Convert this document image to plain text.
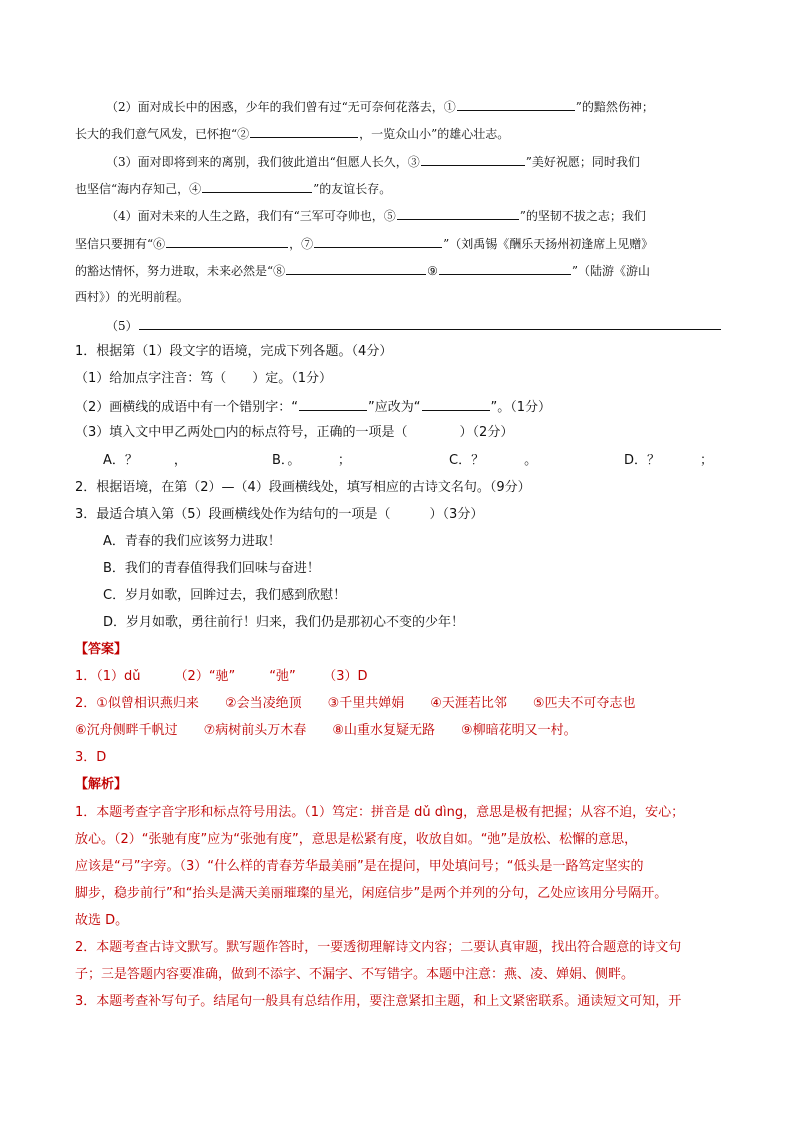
（2）面对成长中的困惑，少年的我们曾有过“无可奈何花落去，①	”的黯然伤神；
长大的我们意气风发，已怀抱“②	，一览众山小”的雄心壮志。
（3）面对即将到来的离别，我们彼此道出“但愿人长久，③	”美好祝愿；同时我们
也坚信“海内存知己，④	”的友谊长存。
（4）面对未来的人生之路，我们有“三军可夺帅也，⑤	”的坚韧不拔之志；我们
坚信只要拥有“⑥	，⑦	”（刘禹锡《酬乐天扬州初逢席上见赠》
的豁达情怀，努力进取，未来必然是“⑧	⑨	”（陆游《游山
西村》）的光明前程。
（5）
1．根据第（1）段文字的语境，完成下列各题。（4分）
（1）给加点字注音：笃（　　）定。（1分）
（2）画横线的成语中有一个错别字：“	”应改为“	”。（1分）
（3）填入文中甲乙两处□内的标点符号，正确的一项是（　　　　）（2分）
A．？	，	B．。	；	C．？	。	D．？	；
2．根据语境，在第（2）—（4）段画横线处，填写相应的古诗文名句。（9分）
3．最适合填入第（5）段画横线处作为结句的一项是（　　　）（3分）
A．青春的我们应该努力进取！
B．我们的青春值得我们回味与奋进！
C．岁月如歌，回眸过去，我们感到欣慰！
D．岁月如歌，勇往前行！归来，我们仍是那初心不变的少年！
【答案】
1．（1）dǔ	（2）“驰”	“弛”	（3）D
2．①似曾相识燕归来 ②会当凌绝顶 ③千里共婵娟 ④天涯若比邻 ⑤匹夫不可夺志也
⑥沉舟侧畔千帆过 ⑦病树前头万木春 ⑧山重水复疑无路 ⑨柳暗花明又一村。
3．D
【解析】
1．本题考查字音字形和标点符号用法。（1）笃定：拼音是 dǔ dìng，意思是极有把握；从容不迫，安心；
放心。（2）“张驰有度”应为“张弛有度”，意思是松紧有度，收放自如。“弛”是放松、松懈的意思，
应该是“弓”字旁。（3）“什么样的青春芳华最美丽”是在提问，甲处填问号；“低头是一路笃定坚实的
脚步，稳步前行”和“抬头是满天美丽璀璨的星光，闲庭信步”是两个并列的分句，乙处应该用分号隔开。
故选 D。
2．本题考查古诗文默写。默写题作答时，一要透彻理解诗文内容；二要认真审题，找出符合题意的诗文句
子；三是答题内容要准确，做到不添字、不漏字、不写错字。本题中注意：燕、凌、婵娟、侧畔。
3．本题考查补写句子。结尾句一般具有总结作用，要注意紧扣主题，和上文紧密联系。通读短文可知，开
